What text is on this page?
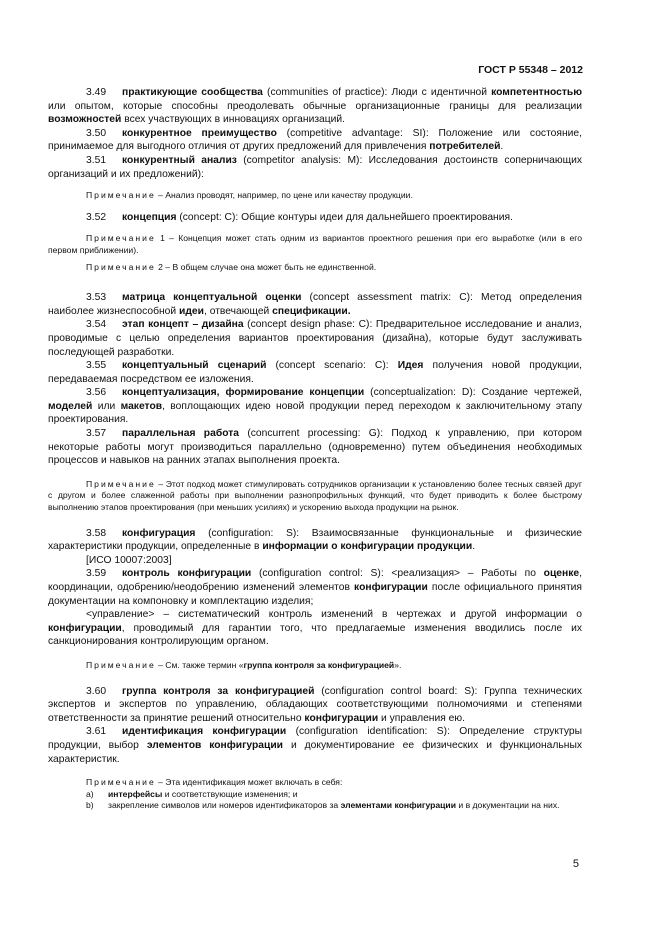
ГОСТ Р 55348 – 2012

3.49 практикующие сообщества (communities of practice): Люди с идентичной компетентностью или опытом, которые способны преодолевать обычные организационные границы для реализации возможностей всех участвующих в инновациях организаций.

3.50 конкурентное преимущество (competitive advantage: SI): Положение или состояние, принимаемое для выгодного отличия от других предложений для привлечения потребителей.

3.51 конкурентный анализ (competitor analysis: M): Исследования достоинств соперничающих организаций и их предложений):

Примечание – Анализ проводят, например, по цене или качеству продукции.

3.52 концепция (concept: C): Общие контуры идеи для дальнейшего проектирования.

Примечание 1 – Концепция может стать одним из вариантов проектного решения при его выработке (или в его первом приближении).

Примечание 2 – В общем случае она может быть не единственной.

3.53 матрица концептуальной оценки (concept assessment matrix: C): Метод определения наиболее жизнеспособной идеи, отвечающей спецификации.

3.54 этап концепт – дизайна (concept design phase: C): Предварительное исследование и анализ, проводимые с целью определения вариантов проектирования (дизайна), которые будут заслуживать последующей разработки.

3.55 концептуальный сценарий (concept scenario: C): Идея получения новой продукции, передаваемая посредством ее изложения.

3.56 концептуализация, формирование концепции (conceptualization: D): Создание чертежей, моделей или макетов, воплощающих идею новой продукции перед переходом к заключительному этапу проектирования.

3.57 параллельная работа (concurrent processing: G): Подход к управлению, при котором некоторые работы могут производиться параллельно (одновременно) путем объединения необходимых процессов и навыков на ранних этапах выполнения проекта.

Примечание – Этот подход может стимулировать сотрудников организации к установлению более тесных связей друг с другом и более слаженной работы при выполнении разнопрофильных функций, что будет приводить к более быстрому выполнению этапов проектирования (при меньших усилиях) и ускорению выхода продукции на рынок.

3.58 конфигурация (configuration: S): Взаимосвязанные функциональные и физические характеристики продукции, определенные в информации о конфигурации продукции.

[ИСО 10007:2003]

3.59 контроль конфигурации (configuration control: S): <реализация> – Работы по оценке, координации, одобрению/неодобрению изменений элементов конфигурации после официального принятия документации на компоновку и комплектацию изделия;

<управление> – систематический контроль изменений в чертежах и другой информации о конфигурации, проводимый для гарантии того, что предлагаемые изменения вводились после их санкционирования контролирующим органом.

Примечание – См. также термин «группа контроля за конфигурацией».

3.60 группа контроля за конфигурацией (configuration control board: S): Группа технических экспертов и экспертов по управлению, обладающих соответствующими полномочиями и степенями ответственности за принятие решений относительно конфигурации и управления ею.

3.61 идентификация конфигурации (configuration identification: S): Определение структуры продукции, выбор элементов конфигурации и документирование ее физических и функциональных характеристик.

Примечание – Эта идентификация может включать в себя:

а) интерфейсы и соответствующие изменения; и
b) закрепление символов или номеров идентификаторов за элементами конфигурации и в документации на них.
5
